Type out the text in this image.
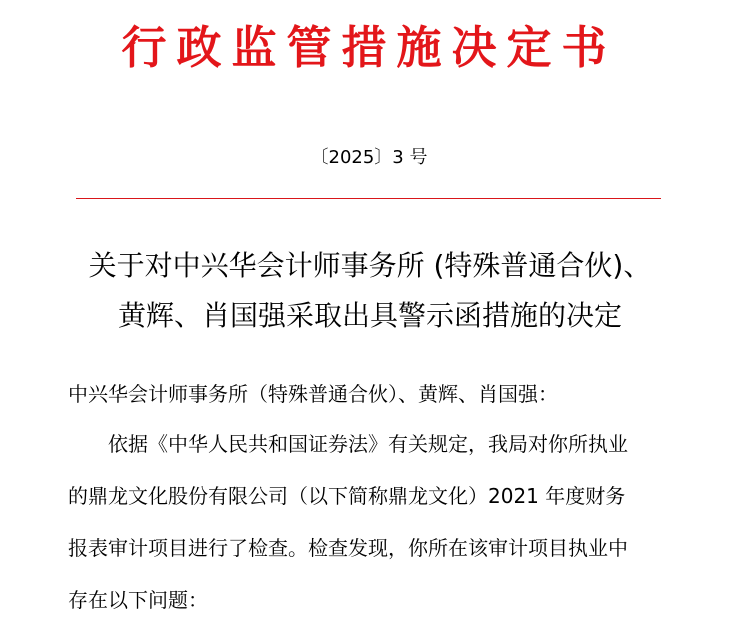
行政监管措施决定书
〔2025〕3 号
关于对中兴华会计师事务所 (特殊普通合伙)、
黄辉、肖国强采取出具警示函措施的决定
中兴华会计师事务所（特殊普通合伙）、黄辉、肖国强：
依据《中华人民共和国证券法》有关规定，我局对你所执业
的鼎龙文化股份有限公司（以下简称鼎龙文化）2021 年度财务
报表审计项目进行了检查。检查发现，你所在该审计项目执业中
存在以下问题：
